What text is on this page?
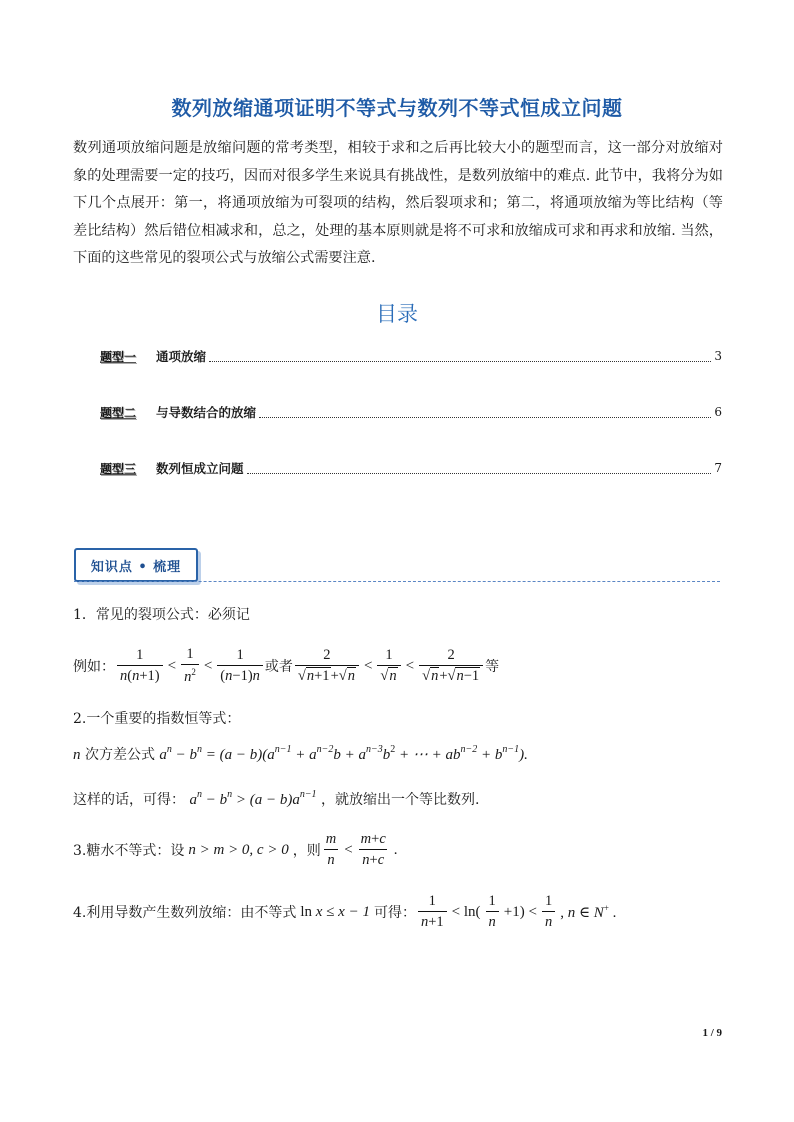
数列放缩通项证明不等式与数列不等式恒成立问题
数列通项放缩问题是放缩问题的常考类型，相较于求和之后再比较大小的题型而言，这一部分对放缩对象的处理需要一定的技巧，因而对很多学生来说具有挑战性，是数列放缩中的难点. 此节中，我将分为如下几个点展开：第一，将通项放缩为可裂项的结构，然后裂项求和；第二，将通项放缩为等比结构（等差比结构）然后错位相减求和，总之，处理的基本原则就是将不可求和放缩成可求和再求和放缩. 当然，下面的这些常见的裂项公式与放缩公式需要注意.
目录
题型一	通项放缩	3
题型二	与导数结合的放缩	6
题型三	数列恒成立问题	7
知识点 • 梳理
1．常见的裂项公式：必须记
例如： $\frac{1}{n(n+1)} < \frac{1}{n^2} < \frac{1}{(n-1)n}$ 或者 $\frac{2}{√n+1+√n} < \frac{1}{√n} < \frac{2}{√n+√n-1}$ 等
2.一个重要的指数恒等式：
n 次方差公式 $a^n - b^n = (a - b)(a^{n-1} + a^{n-2}b + a^{n-3}b^2$ + ⋯ + $ab^{n-2} + b^{n-1}$).
这样的话，可得： $a^n - b^n > (a - b)a^{n-1}$ ，就放缩出一个等比数列.
3.糖水不等式：设 n > m > 0, c > 0 ，则 $\frac{m}{n} < \frac{m+c}{n+c}$ .
4.利用导数产生数列放缩：由不等式 ln x ≤ x − 1 可得： $\frac{1}{n+1} < \ln( \frac{1}{n} +1) < \frac{1}{n}$ , n ∈ N+ .
1 / 9
